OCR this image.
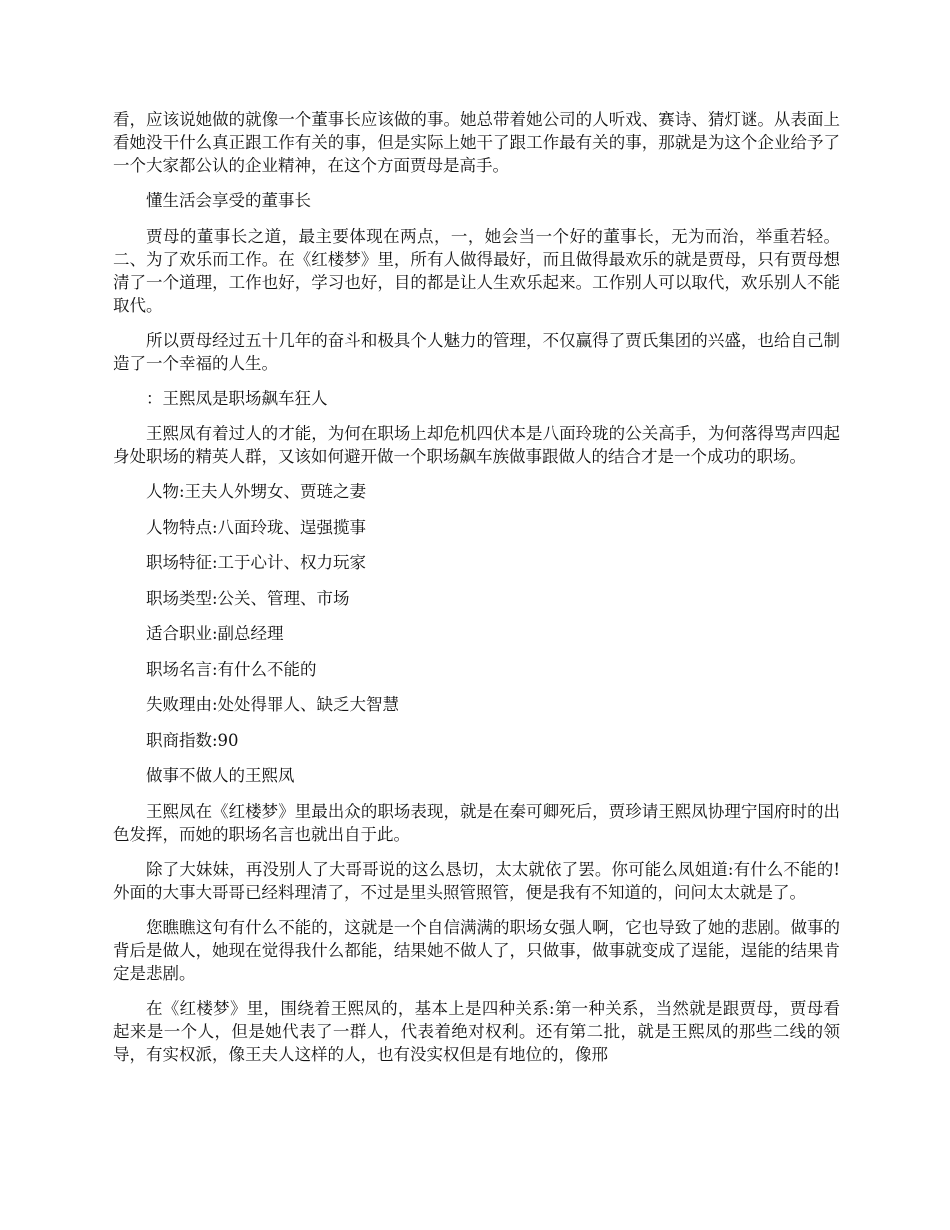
看，应该说她做的就像一个董事长应该做的事。她总带着她公司的人听戏、赛诗、猜灯谜。从表面上看她没干什么真正跟工作有关的事，但是实际上她干了跟工作最有关的事，那就是为这个企业给予了一个大家都公认的企业精神，在这个方面贾母是高手。

懂生活会享受的董事长

贾母的董事长之道，最主要体现在两点，一，她会当一个好的董事长，无为而治，举重若轻。二、为了欢乐而工作。在《红楼梦》里，所有人做得最好，而且做得最欢乐的就是贾母，只有贾母想清了一个道理，工作也好，学习也好，目的都是让人生欢乐起来。工作别人可以取代，欢乐别人不能取代。

所以贾母经过五十几年的奋斗和极具个人魅力的管理，不仅赢得了贾氏集团的兴盛，也给自己制造了一个幸福的人生。

：王熙凤是职场飙车狂人

王熙凤有着过人的才能，为何在职场上却危机四伏本是八面玲珑的公关高手，为何落得骂声四起身处职场的精英人群，又该如何避开做一个职场飙车族做事跟做人的结合才是一个成功的职场。

人物:王夫人外甥女、贾琏之妻

人物特点:八面玲珑、逞强揽事

职场特征:工于心计、权力玩家

职场类型:公关、管理、市场

适合职业:副总经理

职场名言:有什么不能的

失败理由:处处得罪人、缺乏大智慧

职商指数:90

做事不做人的王熙凤

王熙凤在《红楼梦》里最出众的职场表现，就是在秦可卿死后，贾珍请王熙凤协理宁国府时的出色发挥，而她的职场名言也就出自于此。

除了大妹妹，再没别人了大哥哥说的这么恳切，太太就依了罢。你可能么凤姐道:有什么不能的!外面的大事大哥哥已经料理清了，不过是里头照管照管，便是我有不知道的，问问太太就是了。

您瞧瞧这句有什么不能的，这就是一个自信满满的职场女强人啊，它也导致了她的悲剧。做事的背后是做人，她现在觉得我什么都能，结果她不做人了，只做事，做事就变成了逞能，逞能的结果肯定是悲剧。

在《红楼梦》里，围绕着王熙凤的，基本上是四种关系:第一种关系，当然就是跟贾母，贾母看起来是一个人，但是她代表了一群人，代表着绝对权利。还有第二批，就是王熙凤的那些二线的领导，有实权派，像王夫人这样的人，也有没实权但是有地位的，像邢
